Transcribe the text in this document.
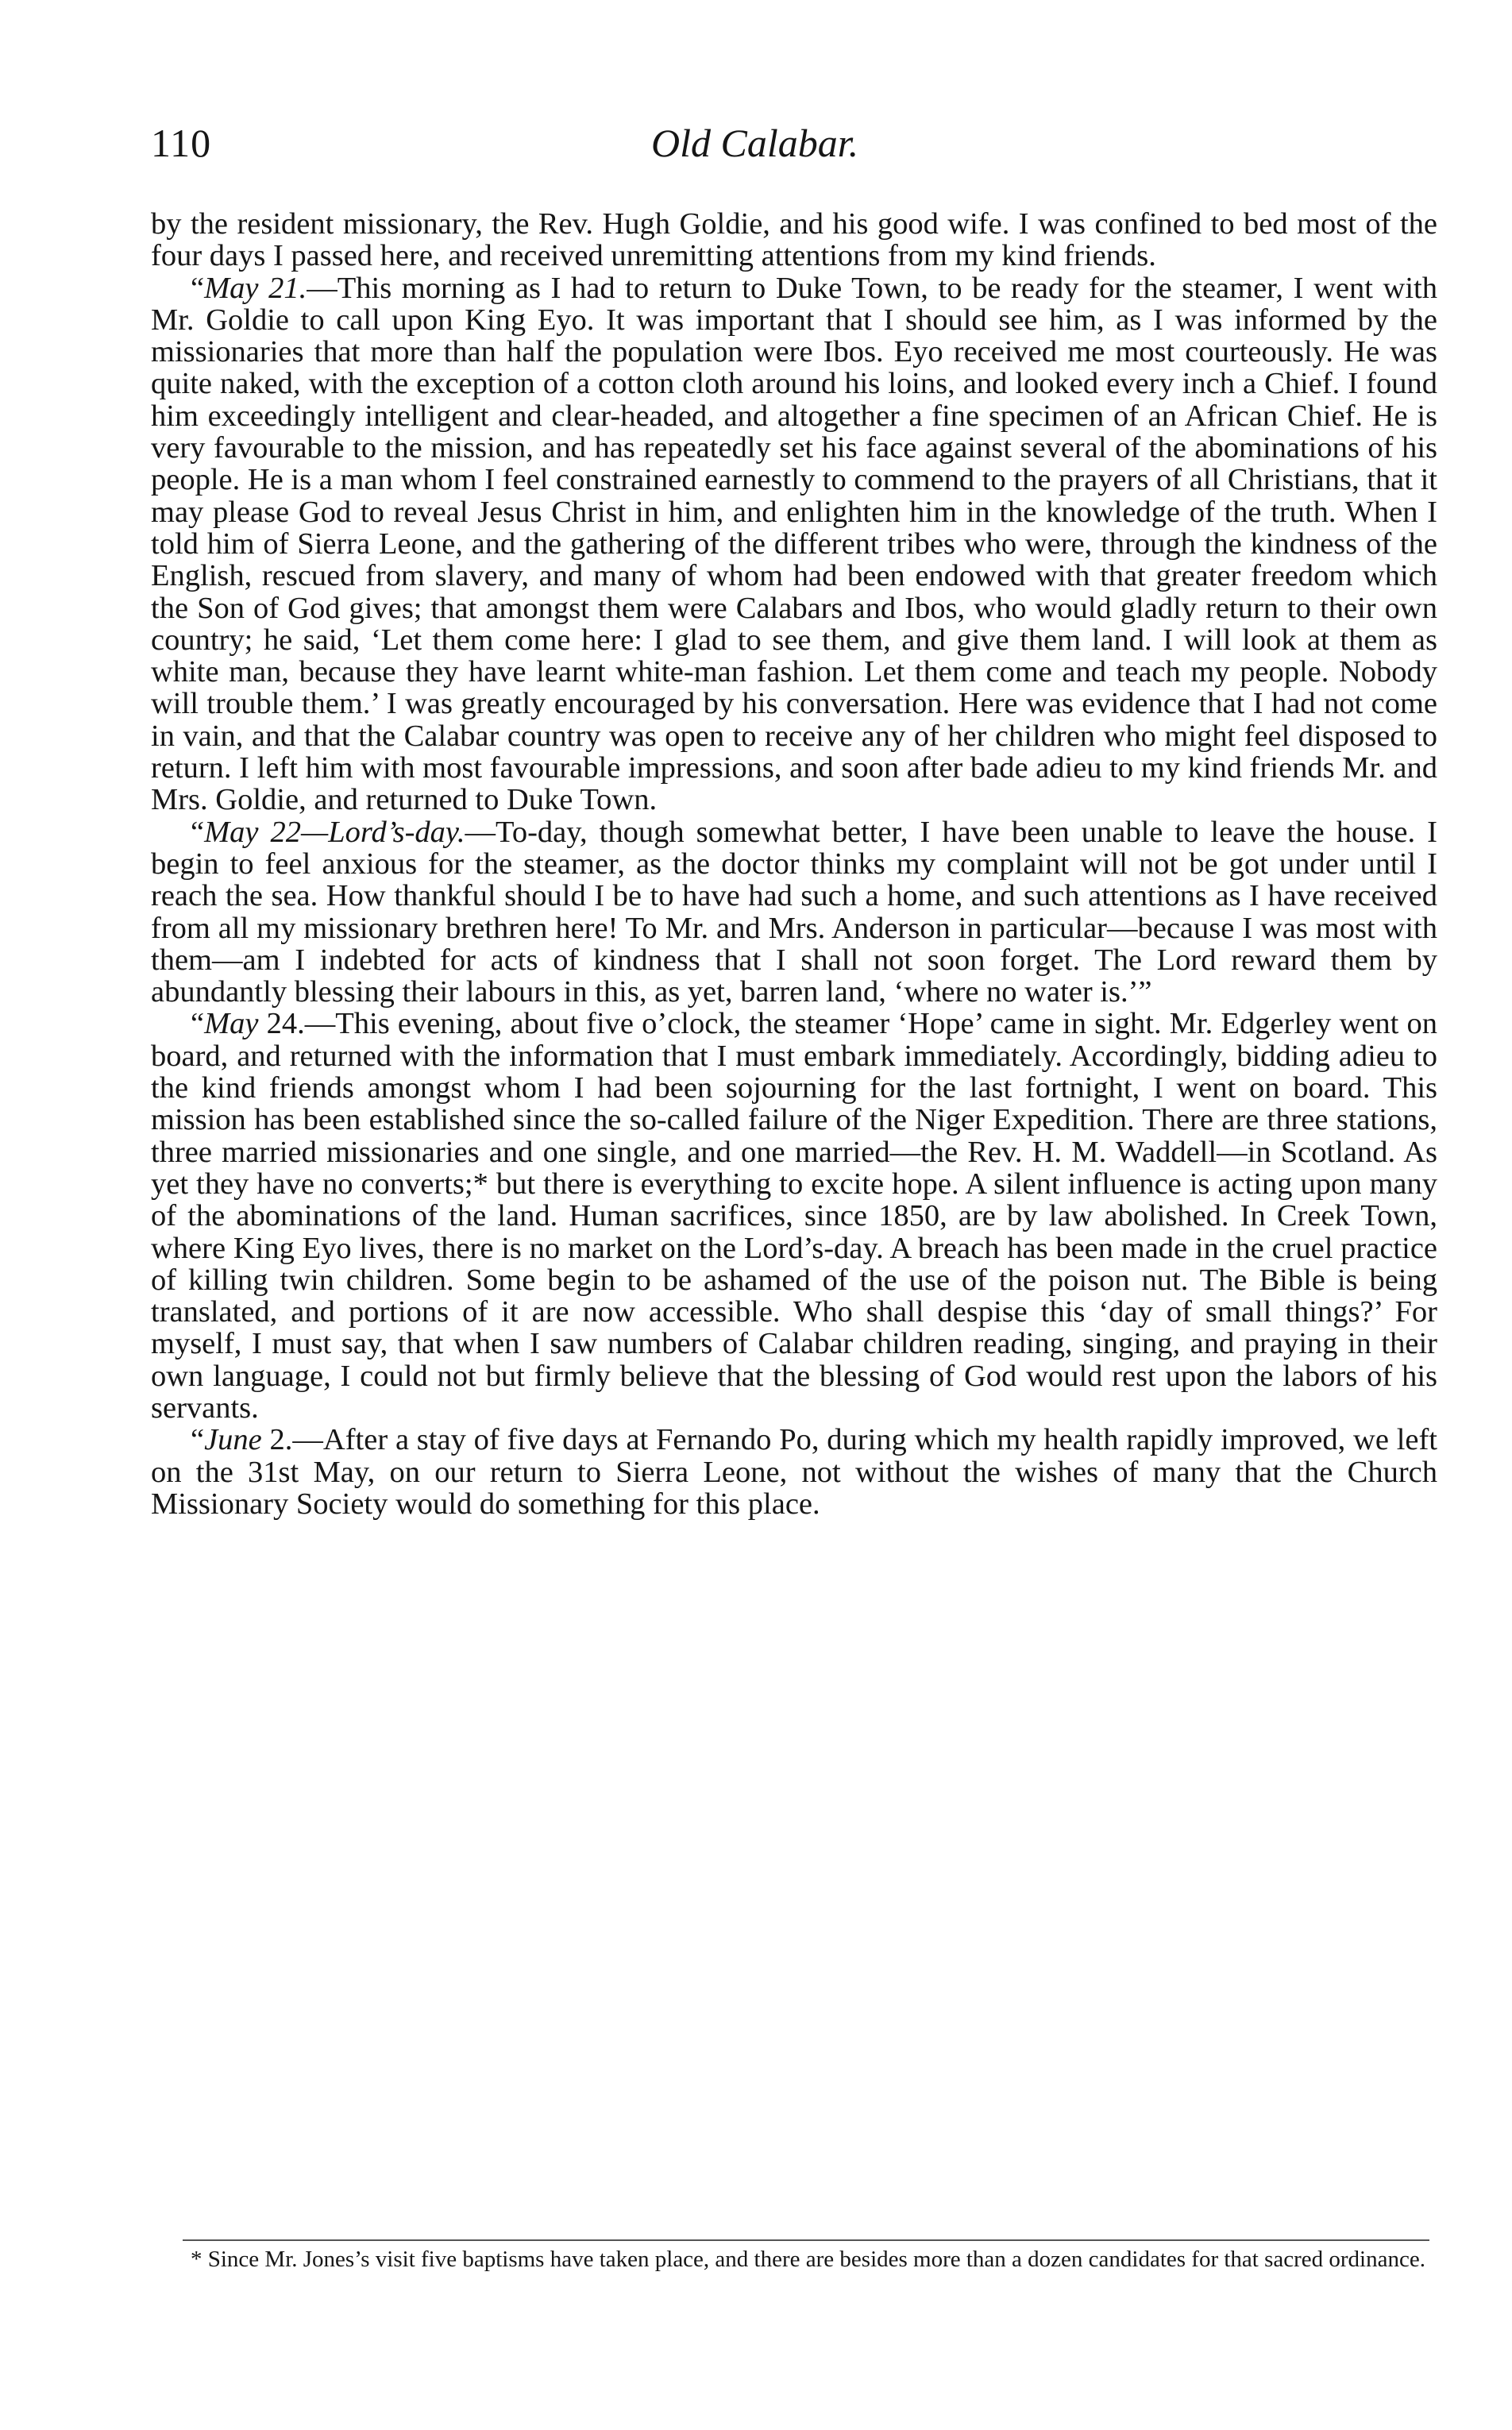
110	Old Calabar.

by the resident missionary, the Rev. Hugh Goldie, and his good wife. I was confined to bed most of the four days I passed here, and received unremitting attentions from my kind friends.

“May 21.—This morning as I had to return to Duke Town, to be ready for the steamer, I went with Mr. Goldie to call upon King Eyo. It was important that I should see him, as I was informed by the missionaries that more than half the population were Ibos. Eyo received me most courteously. He was quite naked, with the exception of a cotton cloth around his loins, and looked every inch a Chief. I found him exceedingly intelligent and clear-headed, and altogether a fine specimen of an African Chief. He is very favourable to the mission, and has repeatedly set his face against several of the abominations of his people. He is a man whom I feel constrained earnestly to commend to the prayers of all Christians, that it may please God to reveal Jesus Christ in him, and enlighten him in the knowledge of the truth. When I told him of Sierra Leone, and the gathering of the different tribes who were, through the kindness of the English, rescued from slavery, and many of whom had been endowed with that greater freedom which the Son of God gives; that amongst them were Calabars and Ibos, who would gladly return to their own country; he said, ‘Let them come here: I glad to see them, and give them land. I will look at them as white man, because they have learnt white-man fashion. Let them come and teach my people. Nobody will trouble them.’ I was greatly encouraged by his conversation. Here was evidence that I had not come in vain, and that the Calabar country was open to receive any of her children who might feel disposed to return. I left him with most favourable impressions, and soon after bade adieu to my kind friends Mr. and Mrs. Goldie, and returned to Duke Town.

“May 22—Lord’s-day.—To-day, though somewhat better, I have been unable to leave the house. I begin to feel anxious for the steamer, as the doctor thinks my complaint will not be got under until I reach the sea. How thankful should I be to have had such a home, and such attentions as I have received from all my missionary brethren here! To Mr. and Mrs. Anderson in particular—because I was most with them—am I indebted for acts of kindness that I shall not soon forget. The Lord reward them by abundantly blessing their labours in this, as yet, barren land, ‘where no water is.’”

“May 24.—This evening, about five o’clock, the steamer ‘Hope’ came in sight. Mr. Edgerley went on board, and returned with the information that I must embark immediately. Accordingly, bidding adieu to the kind friends amongst whom I had been sojourning for the last fortnight, I went on board. This mission has been established since the so-called failure of the Niger Expedition. There are three stations, three married missionaries and one single, and one married—the Rev. H. M. Waddell—in Scotland. As yet they have no converts;* but there is everything to excite hope. A silent influence is acting upon many of the abominations of the land. Human sacrifices, since 1850, are by law abolished. In Creek Town, where King Eyo lives, there is no market on the Lord’s-day. A breach has been made in the cruel practice of killing twin children. Some begin to be ashamed of the use of the poison nut. The Bible is being translated, and portions of it are now accessible. Who shall despise this ‘day of small things?’ For myself, I must say, that when I saw numbers of Calabar children reading, singing, and praying in their own language, I could not but firmly believe that the blessing of God would rest upon the labors of his servants.

“June 2.—After a stay of five days at Fernando Po, during which my health rapidly improved, we left on the 31st May, on our return to Sierra Leone, not without the wishes of many that the Church Missionary Society would do something for this place.

* Since Mr. Jones’s visit five baptisms have taken place, and there are besides more than a dozen candidates for that sacred ordinance.
